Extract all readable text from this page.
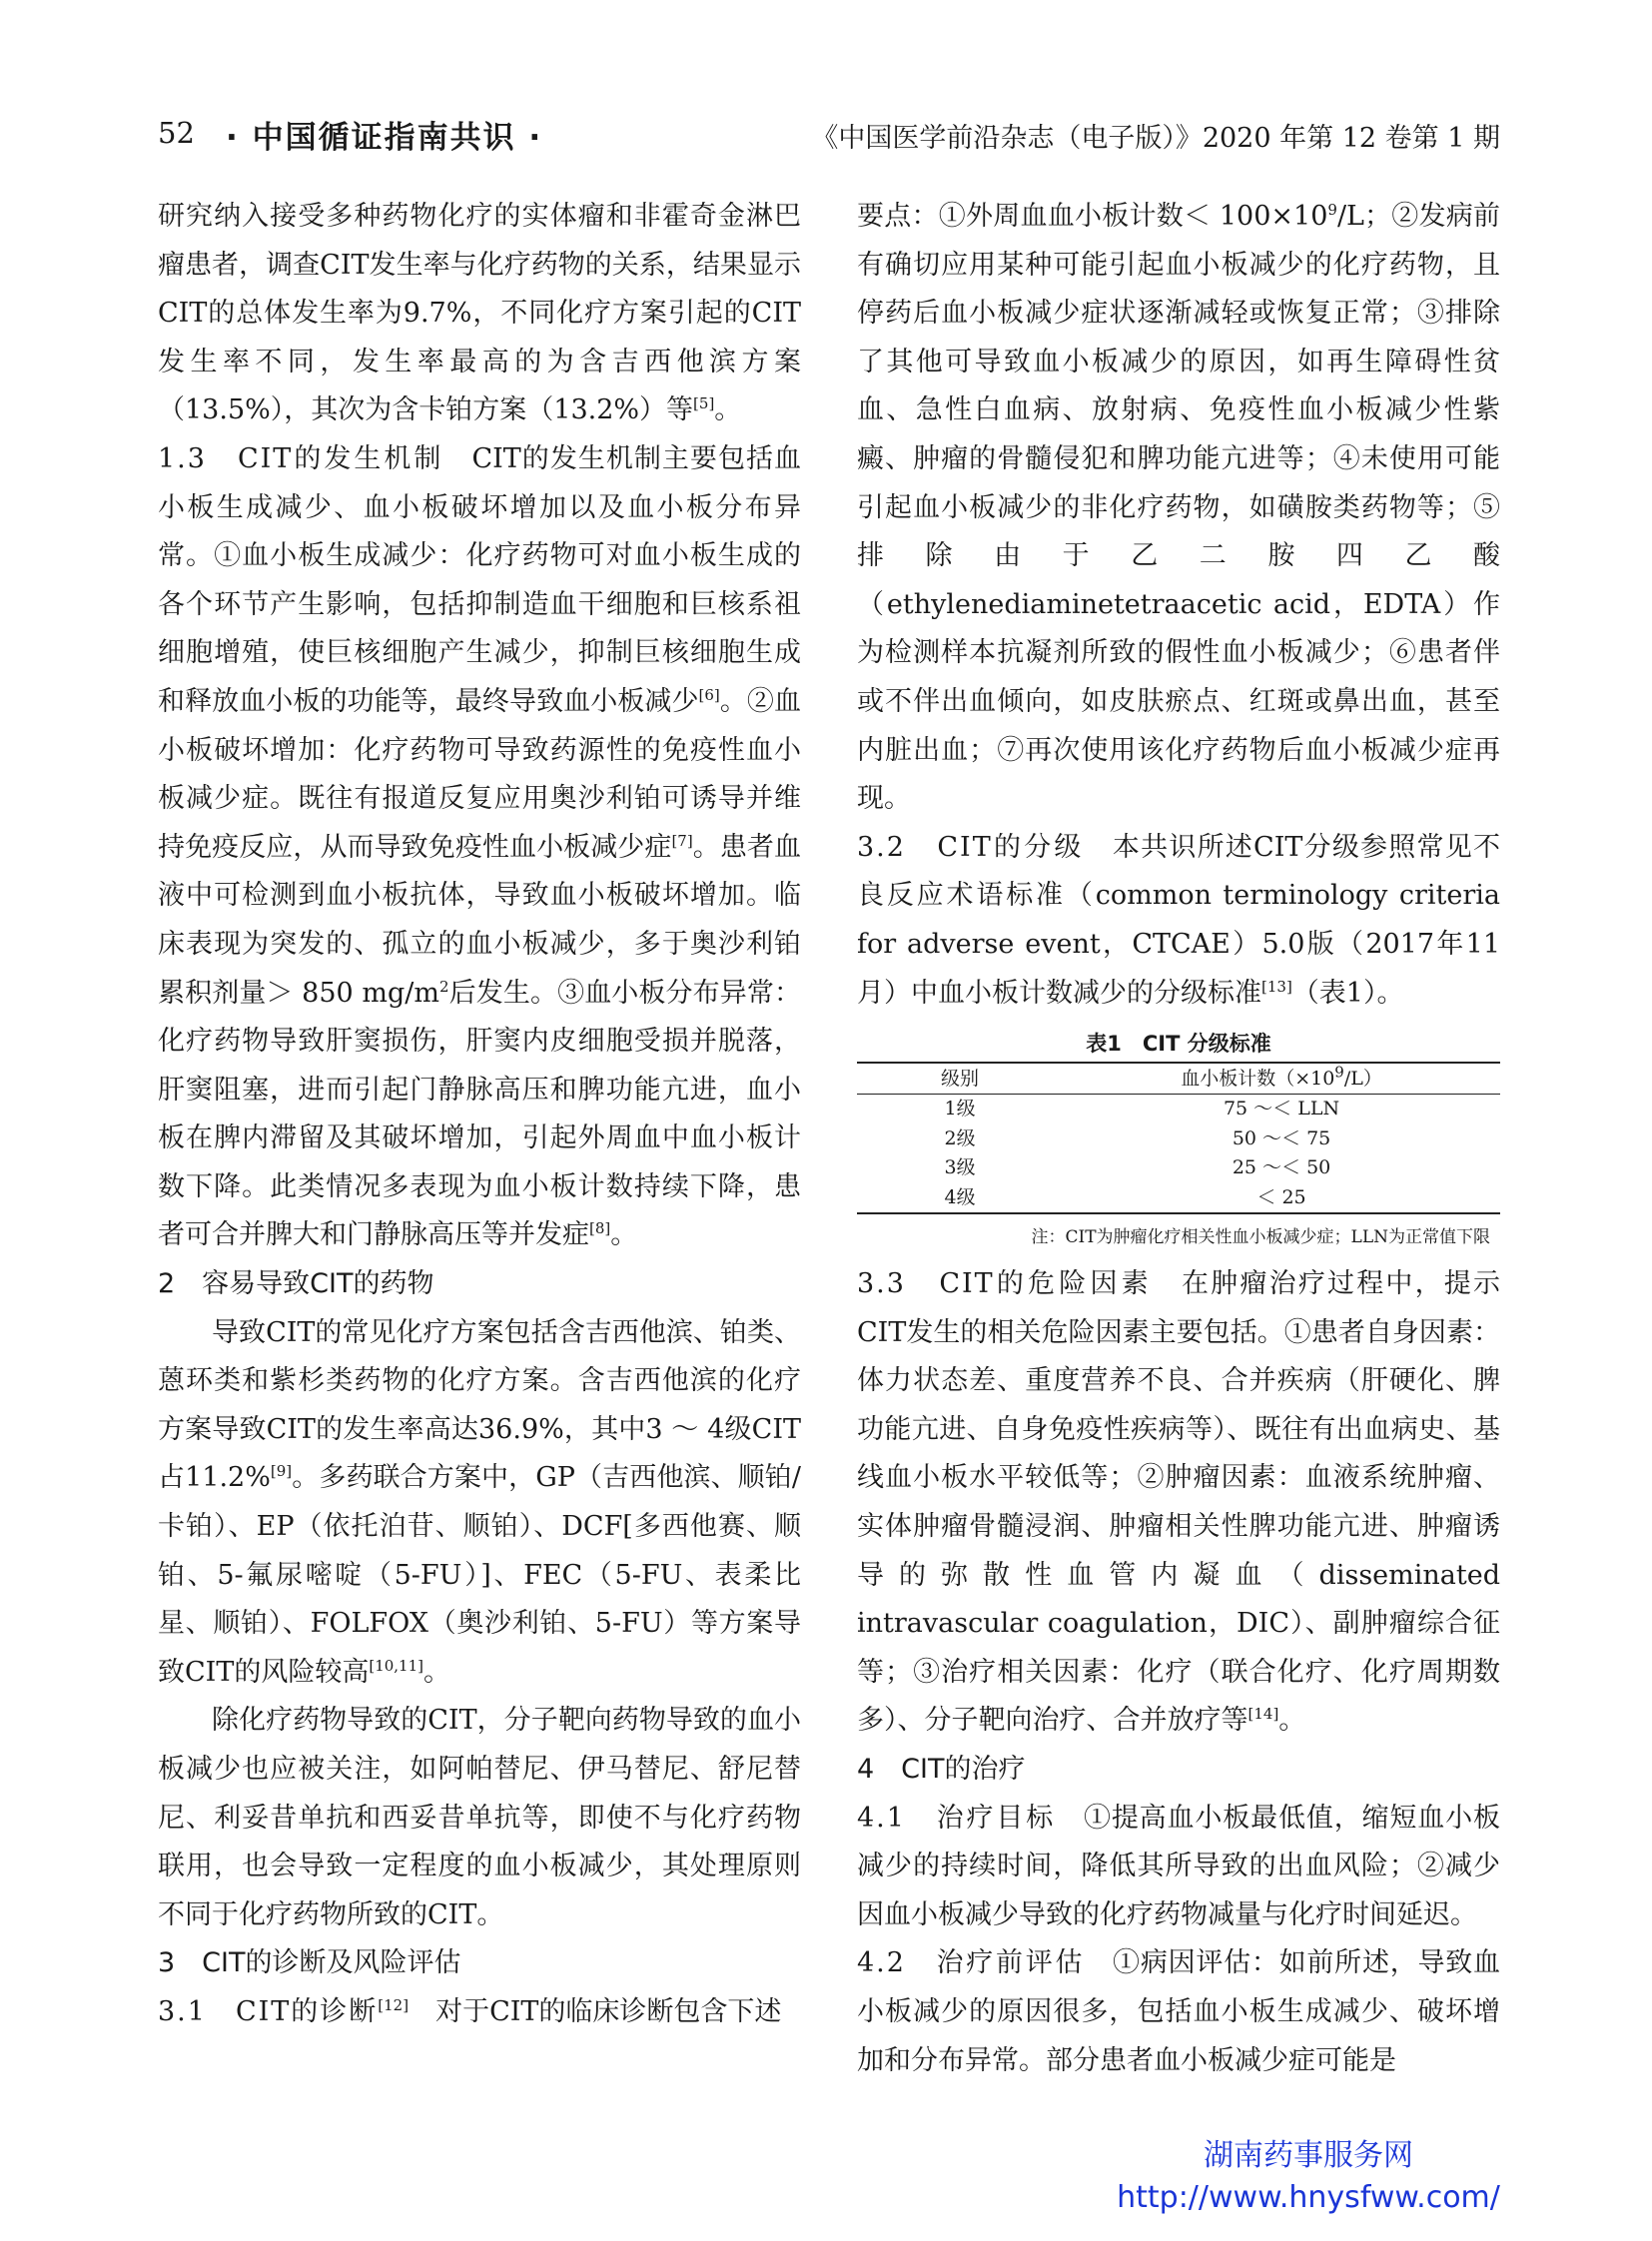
52 · 中国循证指南共识 ·	《中国医学前沿杂志（电子版）》2020 年第 12 卷第 1 期

研究纳入接受多种药物化疗的实体瘤和非霍奇金淋巴瘤患者，调查CIT发生率与化疗药物的关系，结果显示CIT的总体发生率为9.7%，不同化疗方案引起的CIT发生率不同，发生率最高的为含吉西他滨方案（13.5%），其次为含卡铂方案（13.2%）等[5]。

1.3　CIT的发生机制　CIT的发生机制主要包括血小板生成减少、血小板破坏增加以及血小板分布异常。①血小板生成减少：化疗药物可对血小板生成的各个环节产生影响，包括抑制造血干细胞和巨核系祖细胞增殖，使巨核细胞产生减少，抑制巨核细胞生成和释放血小板的功能等，最终导致血小板减少[6]。②血小板破坏增加：化疗药物可导致药源性的免疫性血小板减少症。既往有报道反复应用奥沙利铂可诱导并维持免疫反应，从而导致免疫性血小板减少症[7]。患者血液中可检测到血小板抗体，导致血小板破坏增加。临床表现为突发的、孤立的血小板减少，多于奥沙利铂累积剂量＞ 850 $mg/m^2$后发生。③血小板分布异常：化疗药物导致肝窦损伤，肝窦内皮细胞受损并脱落，肝窦阻塞，进而引起门静脉高压和脾功能亢进，血小板在脾内滞留及其破坏增加，引起外周血中血小板计数下降。此类情况多表现为血小板计数持续下降，患者可合并脾大和门静脉高压等并发症[8]。

2　容易导致CIT的药物

导致CIT的常见化疗方案包括含吉西他滨、铂类、蒽环类和紫杉类药物的化疗方案。含吉西他滨的化疗方案导致CIT的发生率高达36.9%，其中3 ～ 4级CIT占11.2%[9]。多药联合方案中，GP（吉西他滨、顺铂/卡铂）、EP（依托泊苷、顺铂）、DCF[多西他赛、顺铂、5-氟尿嘧啶（5-FU）]、FEC（5-FU、表柔比星、顺铂）、FOLFOX（奥沙利铂、5-FU）等方案导致CIT的风险较高[10,11]。

除化疗药物导致的CIT，分子靶向药物导致的血小板减少也应被关注，如阿帕替尼、伊马替尼、舒尼替尼、利妥昔单抗和西妥昔单抗等，即使不与化疗药物联用，也会导致一定程度的血小板减少，其处理原则不同于化疗药物所致的CIT。

3　CIT的诊断及风险评估

3.1　CIT的诊断[12]　对于CIT的临床诊断包含下述

要点：①外周血血小板计数＜ $100\times 10^9/L$；②发病前有确切应用某种可能引起血小板减少的化疗药物，且停药后血小板减少症状逐渐减轻或恢复正常；③排除了其他可导致血小板减少的原因，如再生障碍性贫血、急性白血病、放射病、免疫性血小板减少性紫癜、肿瘤的骨髓侵犯和脾功能亢进等；④未使用可能引起血小板减少的非化疗药物，如磺胺类药物等；⑤排除由于乙二胺四乙酸（ethylenediaminetetraacetic acid，EDTA）作为检测样本抗凝剂所致的假性血小板减少；⑥患者伴或不伴出血倾向，如皮肤瘀点、红斑或鼻出血，甚至内脏出血；⑦再次使用该化疗药物后血小板减少症再现。

3.2　CIT的分级　本共识所述CIT分级参照常见不良反应术语标准（common terminology criteria for adverse event，CTCAE）5.0版（2017年11月）中血小板计数减少的分级标准[13]（表1）。

表1　CIT 分级标准
级别	血小板计数$(\times 10^9/L)$
1级	75 ～＜ LLN
2级	50 ～＜ 75
3级	25 ～＜ 50
4级	＜ 25
注：CIT为肿瘤化疗相关性血小板减少症；LLN为正常值下限

3.3　CIT的危险因素　在肿瘤治疗过程中，提示CIT发生的相关危险因素主要包括。①患者自身因素：体力状态差、重度营养不良、合并疾病（肝硬化、脾功能亢进、自身免疫性疾病等）、既往有出血病史、基线血小板水平较低等；②肿瘤因素：血液系统肿瘤、实体肿瘤骨髓浸润、肿瘤相关性脾功能亢进、肿瘤诱导的弥散性血管内凝血（disseminated intravascular coagulation，DIC）、副肿瘤综合征等；③治疗相关因素：化疗（联合化疗、化疗周期数多）、分子靶向治疗、合并放疗等[14]。

4　CIT的治疗

4.1　治疗目标　①提高血小板最低值，缩短血小板减少的持续时间，降低其所导致的出血风险；②减少因血小板减少导致的化疗药物减量与化疗时间延迟。

4.2　治疗前评估　①病因评估：如前所述，导致血小板减少的原因很多，包括血小板生成减少、破坏增加和分布异常。部分患者血小板减少症可能是

湖南药事服务网
http://www.hnysfww.com/
